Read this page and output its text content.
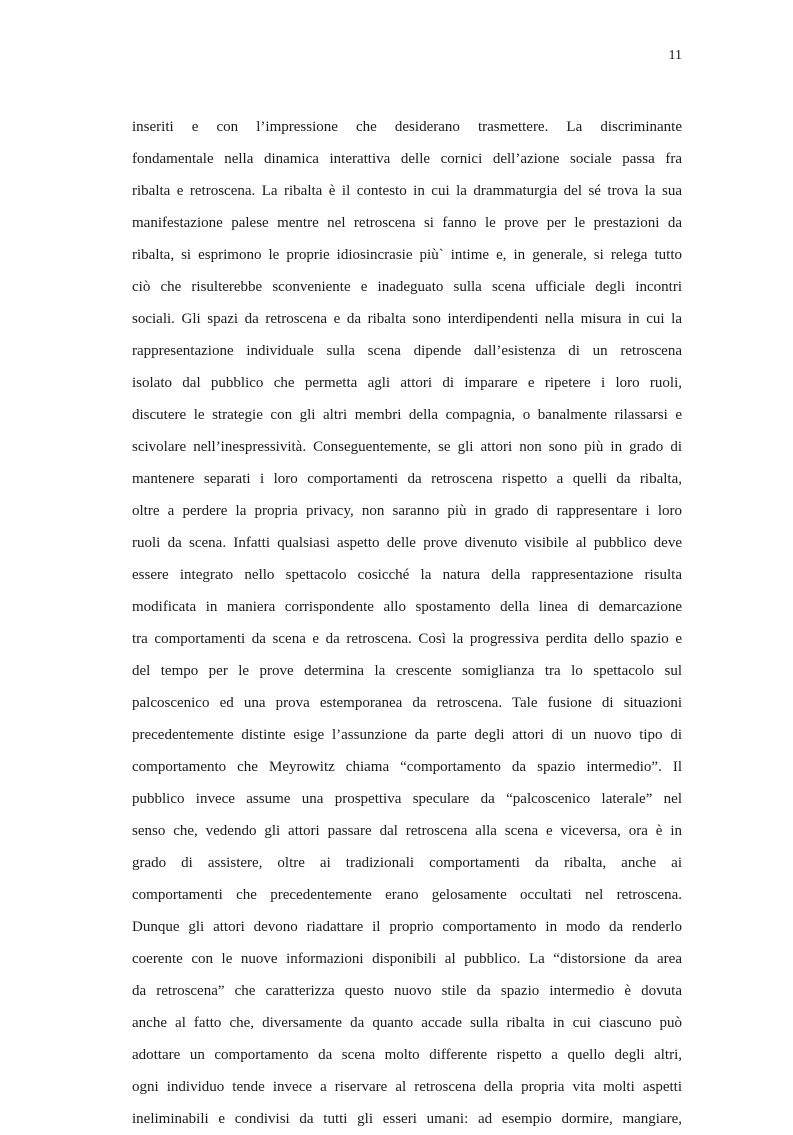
11
inseriti e con l’impressione che desiderano trasmettere. La discriminante
fondamentale nella dinamica interattiva delle cornici dell’azione sociale passa fra
ribalta e retroscena. La ribalta è il contesto in cui la drammaturgia del sé trova la sua
manifestazione palese mentre nel retroscena si fanno le prove per le prestazioni da
ribalta, si esprimono le proprie idiosincrasie più` intime e, in generale, si relega tutto
ciò che risulterebbe sconveniente e inadeguato sulla scena ufficiale degli incontri
sociali. Gli spazi da retroscena e da ribalta sono interdipendenti nella misura in cui la
rappresentazione individuale sulla scena dipende dall’esistenza di un retroscena
isolato dal pubblico che permetta agli attori di imparare e ripetere i loro ruoli,
discutere le strategie con gli altri membri della compagnia, o banalmente rilassarsi e
scivolare nell’inespressività. Conseguentemente, se gli attori non sono più in grado di
mantenere separati i loro comportamenti da retroscena rispetto a quelli da ribalta,
oltre a perdere la propria privacy, non saranno più in grado di rappresentare i loro
ruoli da scena. Infatti qualsiasi aspetto delle prove divenuto visibile al pubblico deve
essere integrato nello spettacolo cosicché la natura della rappresentazione risulta
modificata in maniera corrispondente allo spostamento della linea di demarcazione
tra comportamenti da scena e da retroscena. Così la progressiva perdita dello spazio e
del tempo per le prove determina la crescente somiglianza tra lo spettacolo sul
palcoscenico ed una prova estemporanea da retroscena. Tale fusione di situazioni
precedentemente distinte esige l’assunzione da parte degli attori di un nuovo tipo di
comportamento che Meyrowitz chiama “comportamento da spazio intermedio”. Il
pubblico invece assume una prospettiva speculare da “palcoscenico laterale” nel
senso che, vedendo gli attori passare dal retroscena alla scena e viceversa, ora è in
grado di assistere, oltre ai tradizionali comportamenti da ribalta, anche ai
comportamenti che precedentemente erano gelosamente occultati nel retroscena.
Dunque gli attori devono riadattare il proprio comportamento in modo da renderlo
coerente con le nuove informazioni disponibili al pubblico. La “distorsione da area
da retroscena” che caratterizza questo nuovo stile da spazio intermedio è dovuta
anche al fatto che, diversamente da quanto accade sulla ribalta in cui ciascuno può
adottare un comportamento da scena molto differente rispetto a quello degli altri,
ogni individuo tende invece a riservare al retroscena della propria vita molti aspetti
ineliminabili e condivisi da tutti gli esseri umani: ad esempio dormire, mangiare,
